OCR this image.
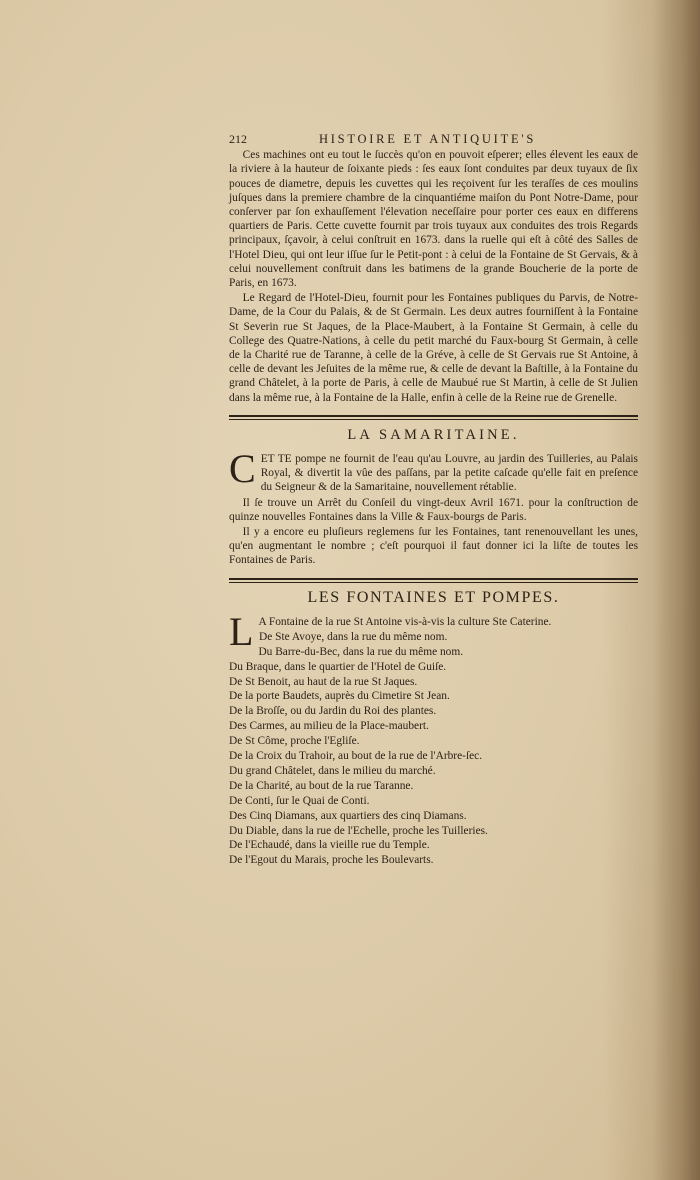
212	HISTOIRE ET ANTIQUITE'S

Ces machines ont eu tout le ſuccès qu'on en pouvoit eſperer; elles élevent les eaux de la riviere à la hauteur de ſoixante pieds : ſes eaux ſont conduites par deux tuyaux de ſix pouces de diametre, depuis les cuvettes qui les reçoivent ſur les teraſſes de ces moulins juſques dans la premiere chambre de la cinquantiéme maiſon du Pont Notre-Dame, pour conſerver par ſon exhauſſement l'élevation neceſſaire pour porter ces eaux en differens quartiers de Paris. Cette cuvette fournit par trois tuyaux aux conduites des trois Regards principaux, ſçavoir, à celui conſtruit en 1673. dans la ruelle qui eſt à côté des Salles de l'Hotel Dieu, qui ont leur iſſue ſur le Petit-pont : à celui de la Fontaine de St Gervais, & à celui nouvellement conſtruit dans les batimens de la grande Boucherie de la porte de Paris, en 1673.

Le Regard de l'Hotel-Dieu, fournit pour les Fontaines publiques du Parvis, de Notre-Dame, de la Cour du Palais, & de St Germain. Les deux autres fourniſſent à la Fontaine St Severin rue St Jaques, de la Place-Maubert, à la Fontaine St Germain, à celle du College des Quatre-Nations, à celle du petit marché du Faux-bourg St Germain, à celle de la Charité rue de Taranne, à celle de la Gréve, à celle de St Gervais rue St Antoine, à celle de devant les Jeſuites de la même rue, & celle de devant la Baſtille, à la Fontaine du grand Châtelet, à la porte de Paris, à celle de Maubué rue St Martin, à celle de St Julien dans la même rue, à la Fontaine de la Halle, enfin à celle de la Reine rue de Grenelle.

LA SAMARITAINE.

CET TE pompe ne fournit de l'eau qu'au Louvre, au jardin des Tuilleries, au Palais Royal, & divertit la vûe des paſſans, par la petite caſcade qu'elle fait en preſence du Seigneur & de la Samaritaine, nouvellement rétablie.

Il ſe trouve un Arrêt du Conſeil du vingt-deux Avril 1671. pour la conſtruction de quinze nouvelles Fontaines dans la Ville & Faux-bourgs de Paris.

Il y a encore eu pluſieurs reglemens ſur les Fontaines, tant renenouvellant les unes, qu'en augmentant le nombre ; c'eſt pourquoi il faut donner ici la liſte de toutes les Fontaines de Paris.

LES FONTAINES ET POMPES.
L A Fontaine de la rue St Antoine vis-à-vis la culture Ste Caterine.
De Ste Avoye, dans la rue du même nom.
Du Barre-du-Bec, dans la rue du même nom.
Du Braque, dans le quartier de l'Hotel de Guiſe.
De St Benoit, au haut de la rue St Jaques.
De la porte Baudets, auprès du Cimetire St Jean.
De la Broſſe, ou du Jardin du Roi des plantes.
Des Carmes, au milieu de la Place-maubert.
De St Côme, proche l'Egliſe.
De la Croix du Trahoir, au bout de la rue de l'Arbre-ſec.
Du grand Châtelet, dans le milieu du marché.
De la Charité, au bout de la rue Taranne.
De Conti, ſur le Quai de Conti.
Des Cinq Diamans, aux quartiers des cinq Diamans.
Du Diable, dans la rue de l'Echelle, proche les Tuilleries.
De l'Echaudé, dans la vieille rue du Temple.
De l'Egout du Marais, proche les Boulevarts.
